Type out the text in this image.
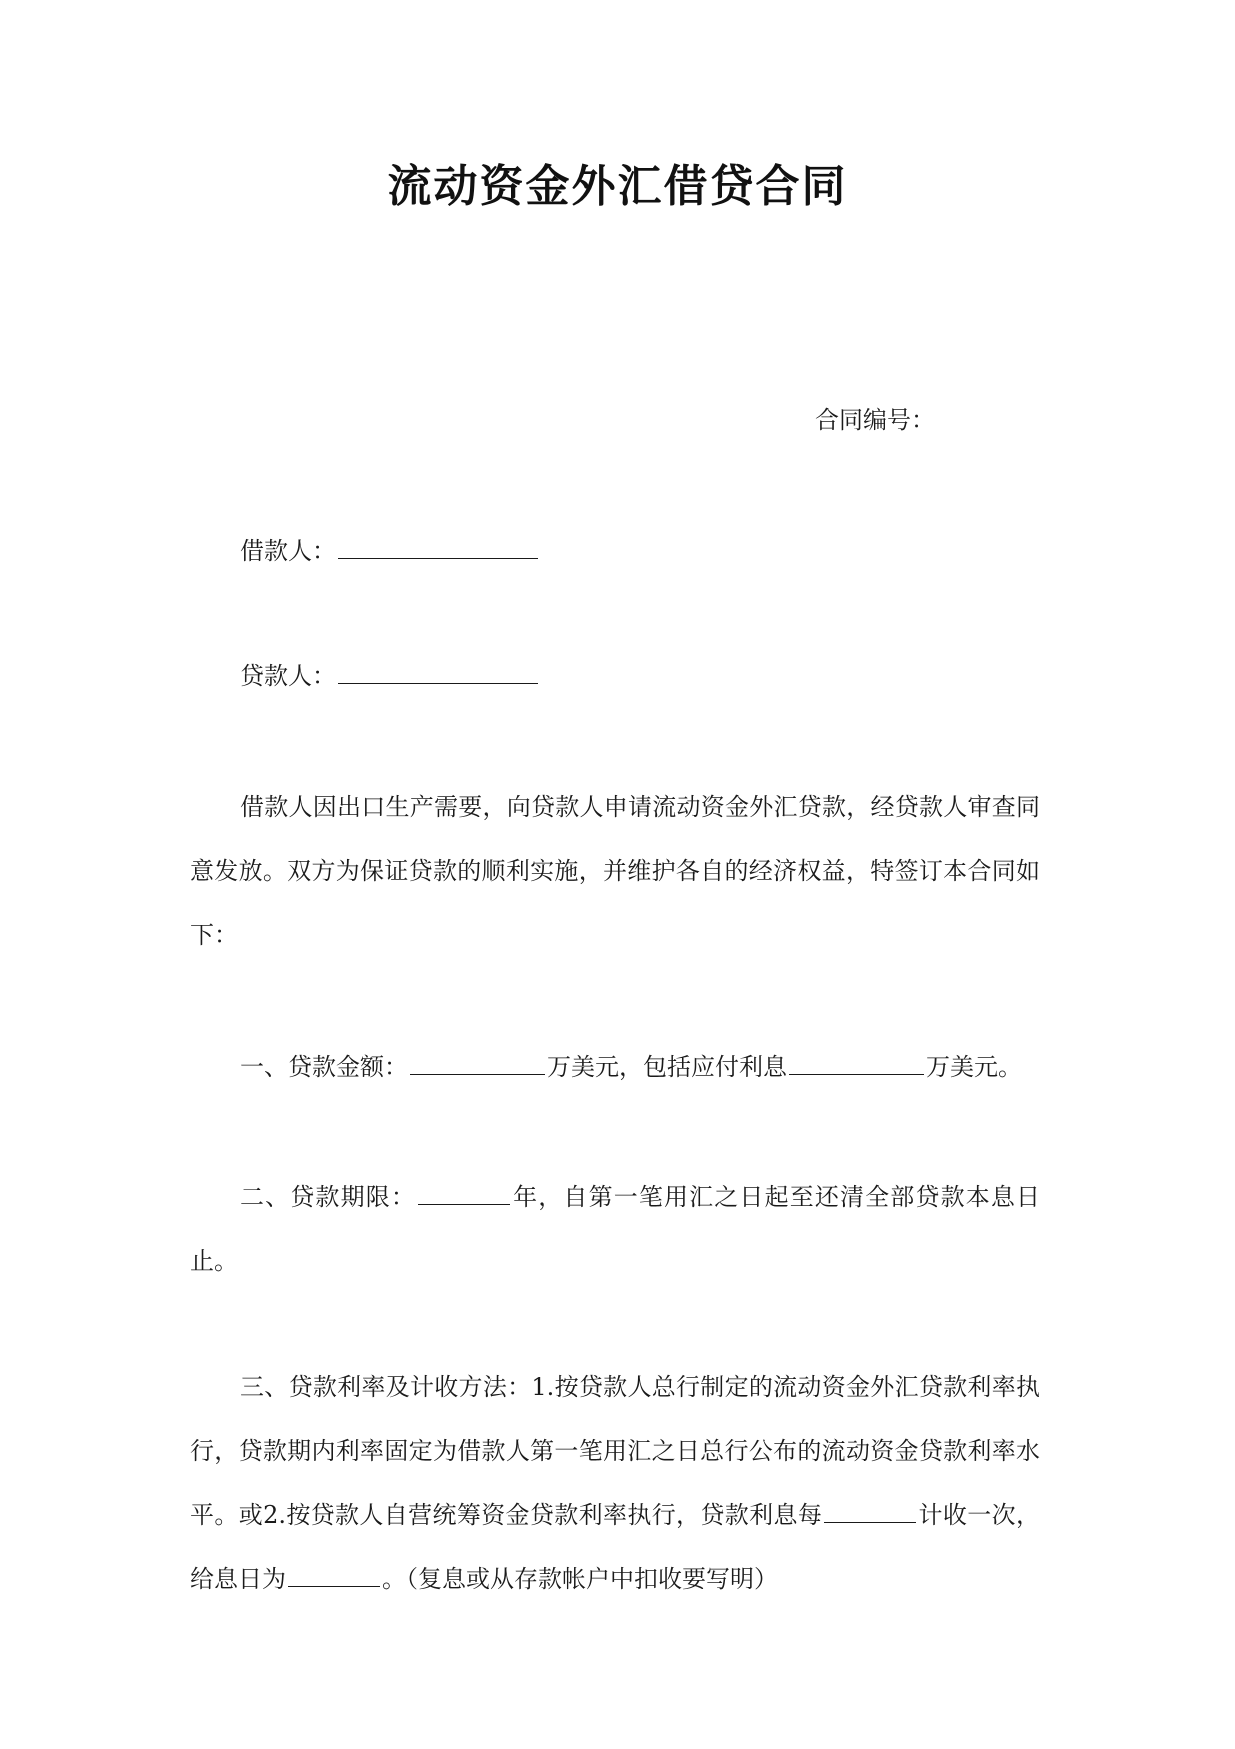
流动资金外汇借贷合同
合同编号：
借款人：
贷款人：
借款人因出口生产需要，向贷款人申请流动资金外汇贷款，经贷款人审查同意发放。双方为保证贷款的顺利实施，并维护各自的经济权益，特签订本合同如下：
一、贷款金额：	万美元，包括应付利息	万美元。
二、贷款期限：	年，自第一笔用汇之日起至还清全部贷款本息日止。
三、贷款利率及计收方法：1.按贷款人总行制定的流动资金外汇贷款利率执行，贷款期内利率固定为借款人第一笔用汇之日总行公布的流动资金贷款利率水平。或2.按贷款人自营统筹资金贷款利率执行，贷款利息每	计收一次，给息日为	。（复息或从存款帐户中扣收要写明）
